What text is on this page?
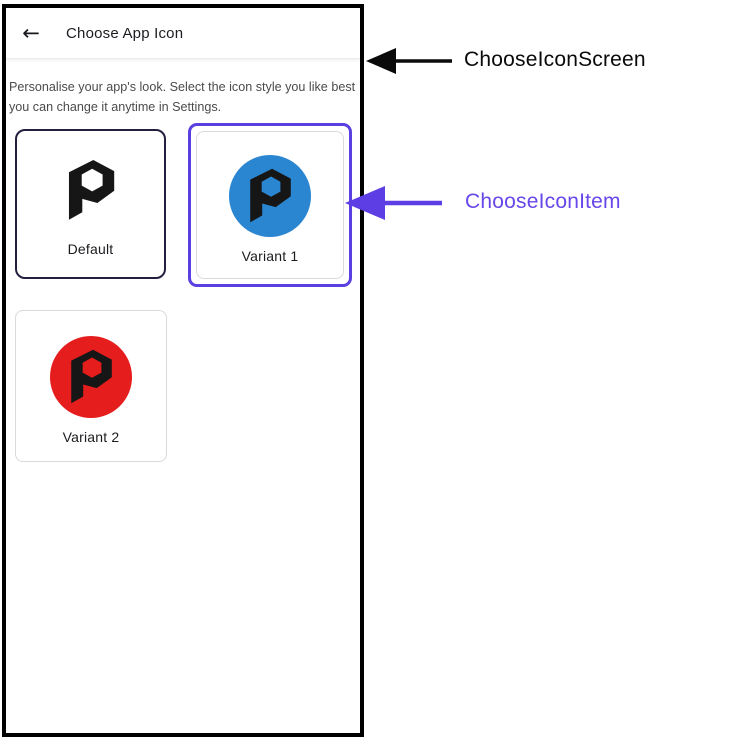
← Choose App Icon

Personalise your app's look. Select the icon style you like best you can change it anytime in Settings.

Default	Variant 1
Variant 2
ChooseIconScreen
ChooseIconItem
